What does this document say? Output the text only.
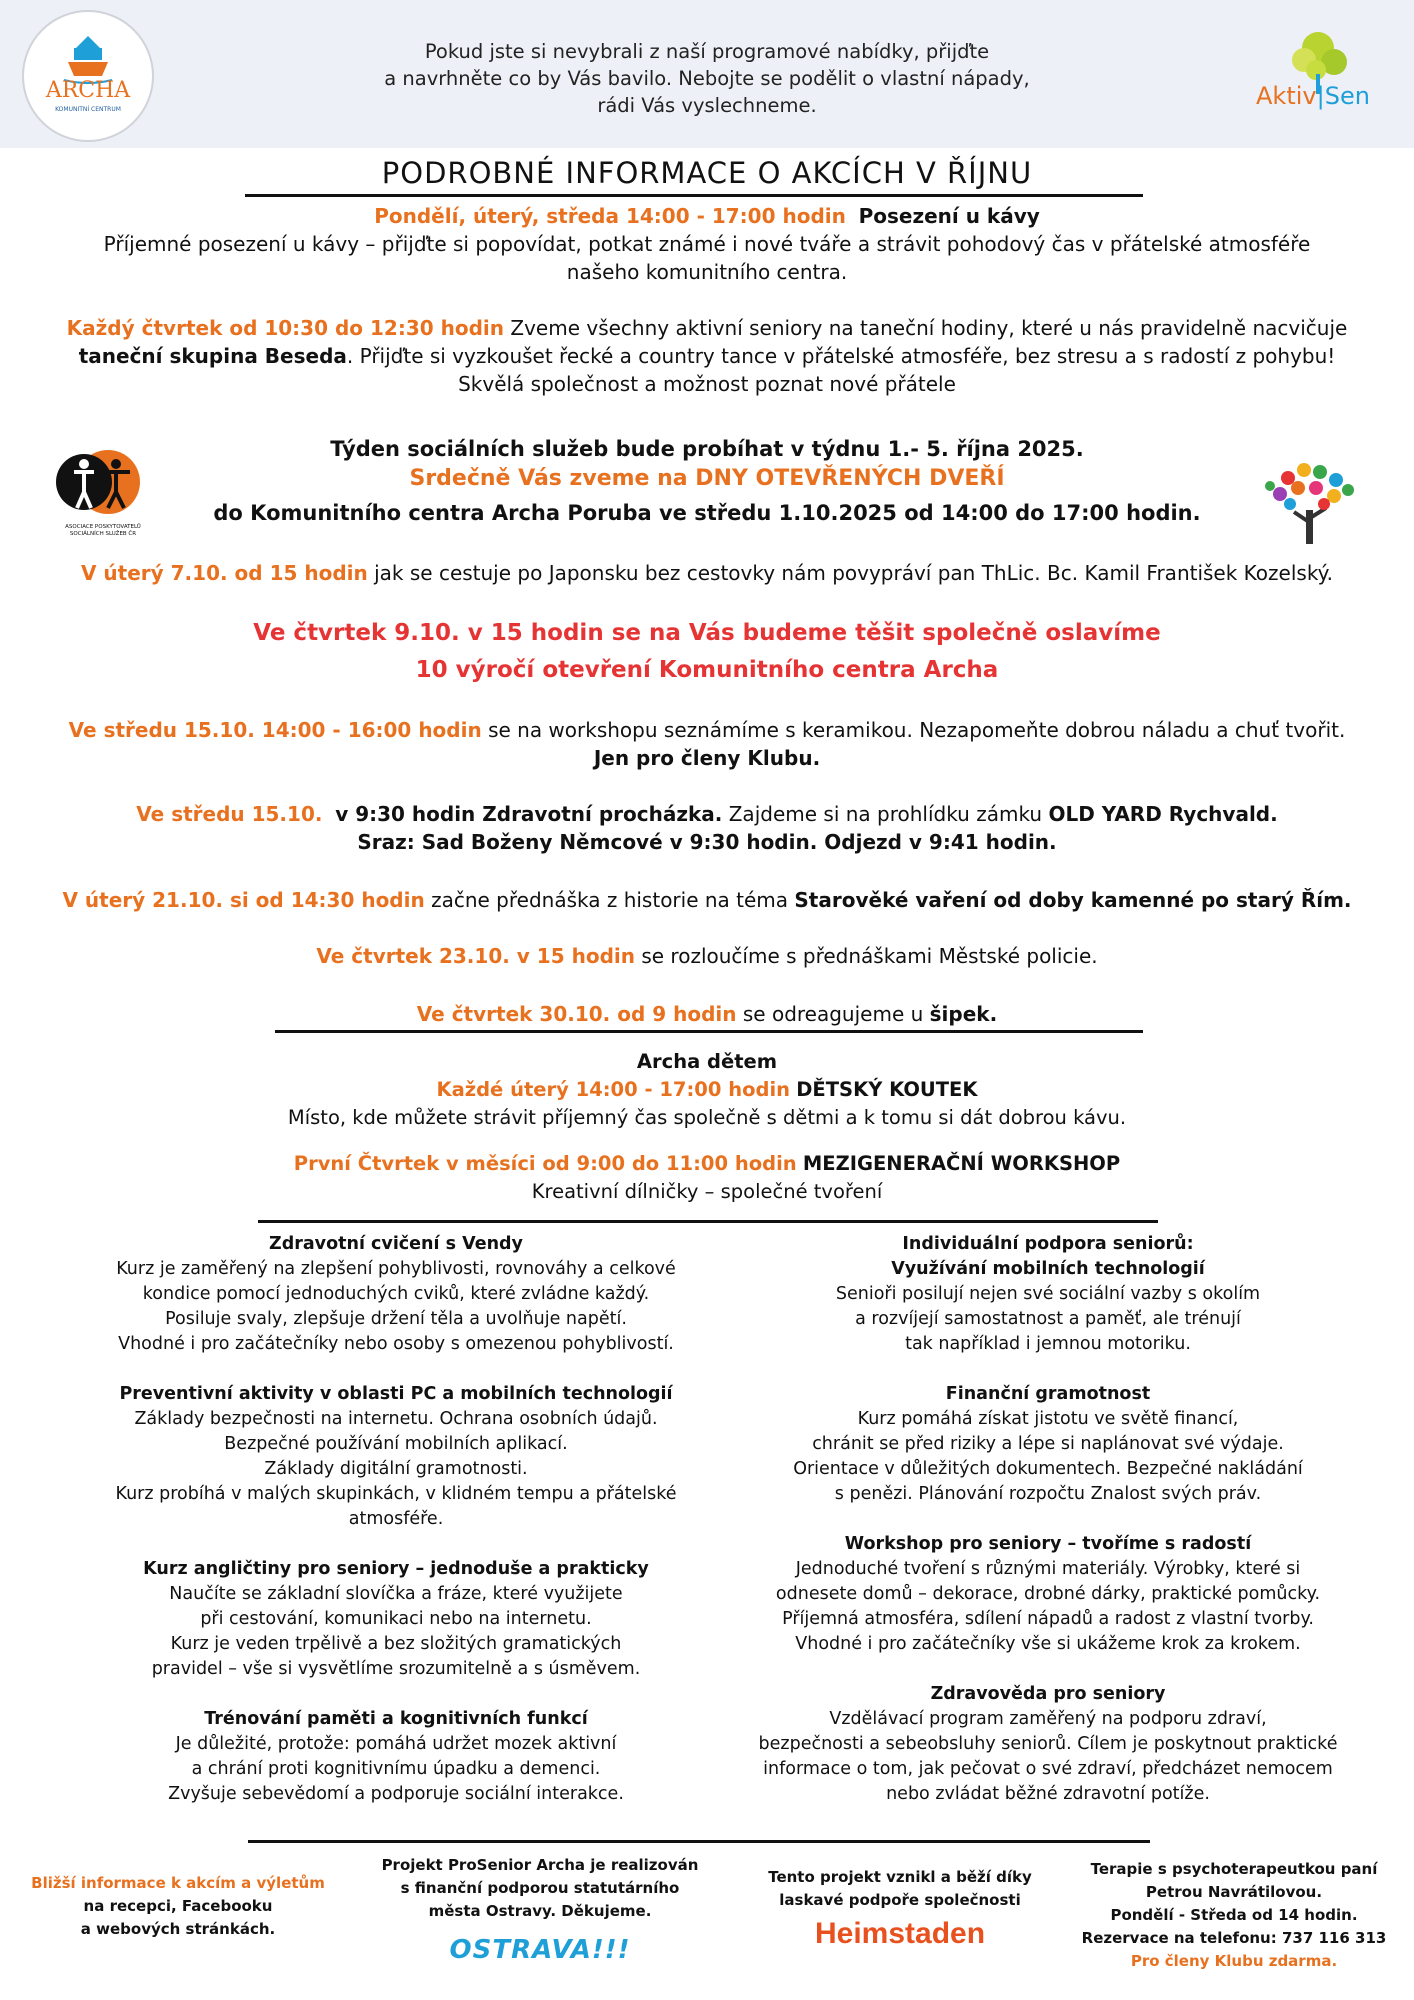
ARCHA
KOMUNITNÍ CENTRUM
Pokud jste si nevybrali z naší programové nabídky, přijďte
a navrhněte co by Vás bavilo. Nebojte se podělit o vlastní nápady,
rádi Vás vyslechneme.	Aktiv|Sen
PODROBNÉ INFORMACE O AKCÍCH V ŘÍJNU
Pondělí, úterý, středa 14:00 - 17:00 hodin Posezení u kávy
Příjemné posezení u kávy – přijďte si popovídat, potkat známé i nové tváře a strávit pohodový čas v přátelské atmosféře našeho komunitního centra.
Každý čtvrtek od 10:30 do 12:30 hodin Zveme všechny aktivní seniory na taneční hodiny, které u nás pravidelně nacvičuje
taneční skupina Beseda. Přijďte si vyzkoušet řecké a country tance v přátelské atmosféře, bez stresu a s radostí z pohybu!
Skvělá společnost a možnost poznat nové přátele
ASOCIACE POSKYTOVATELŮ
SOCIÁLNÍCH SLUŽEB ČR
Týden sociálních služeb bude probíhat v týdnu 1.- 5. října 2025.
Srdečně Vás zveme na DNY OTEVŘENÝCH DVEŘÍ
do Komunitního centra Archa Poruba ve středu 1.10.2025 od 14:00 do 17:00 hodin.
V úterý 7.10. od 15 hodin jak se cestuje po Japonsku bez cestovky nám povypráví pan ThLic. Bc. Kamil František Kozelský.
Ve čtvrtek 9.10. v 15 hodin se na Vás budeme těšit společně oslavíme
10 výročí otevření Komunitního centra Archa
Ve středu 15.10. 14:00 - 16:00 hodin se na workshopu seznámíme s keramikou. Nezapomeňte dobrou náladu a chuť tvořit.
Jen pro členy Klubu.
Ve středu 15.10. v 9:30 hodin Zdravotní procházka. Zajdeme si na prohlídku zámku OLD YARD Rychvald.
Sraz: Sad Boženy Němcové v 9:30 hodin. Odjezd v 9:41 hodin.
V úterý 21.10. si od 14:30 hodin začne přednáška z historie na téma Starověké vaření od doby kamenné po starý Řím.
Ve čtvrtek 23.10. v 15 hodin se rozloučíme s přednáškami Městské policie.
Ve čtvrtek 30.10. od 9 hodin se odreagujeme u šipek.
Archa dětem
Každé úterý 14:00 - 17:00 hodin DĚTSKÝ KOUTEK
Místo, kde můžete strávit příjemný čas společně s dětmi a k tomu si dát dobrou kávu.
První Čtvrtek v měsíci od 9:00 do 11:00 hodin MEZIGENERAČNÍ WORKSHOP
Kreativní dílničky – společné tvoření
Zdravotní cvičení s Vendy
Kurz je zaměřený na zlepšení pohyblivosti, rovnováhy a celkové
kondice pomocí jednoduchých cviků, které zvládne každý.
Posiluje svaly, zlepšuje držení těla a uvolňuje napětí.
Vhodné i pro začátečníky nebo osoby s omezenou pohyblivostí.
Preventivní aktivity v oblasti PC a mobilních technologií
Základy bezpečnosti na internetu. Ochrana osobních údajů.
Bezpečné používání mobilních aplikací.
Základy digitální gramotnosti.
Kurz probíhá v malých skupinkách, v klidném tempu a přátelské
atmosféře.
Kurz angličtiny pro seniory – jednoduše a prakticky
Naučíte se základní slovíčka a fráze, které využijete
při cestování, komunikaci nebo na internetu.
Kurz je veden trpělivě a bez složitých gramatických
pravidel – vše si vysvětlíme srozumitelně a s úsměvem.
Trénování paměti a kognitivních funkcí
Je důležité, protože: pomáhá udržet mozek aktivní
a chrání proti kognitivnímu úpadku a demenci.
Zvyšuje sebevědomí a podporuje sociální interakce.
Individuální podpora seniorů:
Využívání mobilních technologií
Senioři posilují nejen své sociální vazby s okolím
a rozvíjejí samostatnost a paměť, ale trénují
tak například i jemnou motoriku.
Finanční gramotnost
Kurz pomáhá získat jistotu ve světě financí,
chránit se před riziky a lépe si naplánovat své výdaje.
Orientace v důležitých dokumentech. Bezpečné nakládání
s penězi. Plánování rozpočtu Znalost svých práv.
Workshop pro seniory – tvoříme s radostí
Jednoduché tvoření s různými materiály. Výrobky, které si
odnesete domů – dekorace, drobné dárky, praktické pomůcky.
Příjemná atmosféra, sdílení nápadů a radost z vlastní tvorby.
Vhodné i pro začátečníky vše si ukážeme krok za krokem.
Zdravověda pro seniory
Vzdělávací program zaměřený na podporu zdraví,
bezpečnosti a sebeobsluhy seniorů. Cílem je poskytnout praktické
informace o tom, jak pečovat o své zdraví, předcházet nemocem
nebo zvládat běžné zdravotní potíže.
Bližší informace k akcím a výletům
na recepci, Facebooku
a webových stránkách.
Projekt ProSenior Archa je realizován
s finanční podporou statutárního
města Ostravy. Děkujeme.
OSTRAVA!!!
Tento projekt vznikl a běží díky
laskavé podpoře společnosti
Heimstaden
Terapie s psychoterapeutkou paní
Petrou Navrátilovou.
Pondělí - Středa od 14 hodin.
Rezervace na telefonu: 737 116 313
Pro členy Klubu zdarma.
